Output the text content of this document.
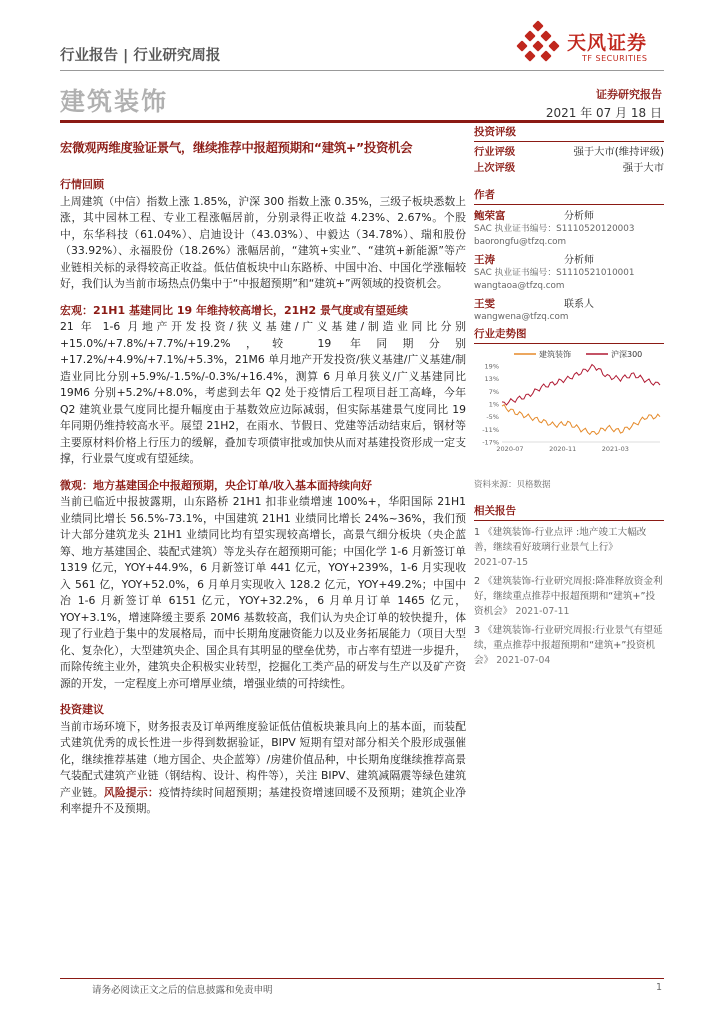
行业报告 | 行业研究周报
天风证券
TF SECURITIES
建筑装饰	证券研究报告
2021 年 07 月 18 日
宏微观两维度验证景气，继续推荐中报超预期和“建筑+”投资机会
行情回顾
上周建筑（中信）指数上涨 1.85%，沪深 300 指数上涨 0.35%，三级子板块悉数上涨，其中园林工程、专业工程涨幅居前，分别录得正收益 4.23%、2.67%。个股中，东华科技（61.04%）、启迪设计（43.03%）、中毅达（34.78%）、瑞和股份（33.92%）、永福股份（18.26%）涨幅居前，“建筑+实业”、“建筑+新能源”等产业链相关标的录得较高正收益。低估值板块中山东路桥、中国中冶、中国化学涨幅较好，我们认为当前市场热点仍集中于“中报超预期”和“建筑+”两领域的投资机会。
宏观：21H1 基建同比 19 年维持较高增长，21H2 景气度或有望延续
21 年 1-6 月地产开发投资/狭义基建/广义基建/制造业同比分别+15.0%/+7.8%/+7.7%/+19.2%，较 19 年同期分别+17.2%/+4.9%/+7.1%/+5.3%，21M6 单月地产开发投资/狭义基建/广义基建/制造业同比分别+5.9%/-1.5%/-0.3%/+16.4%，测算 6 月单月狭义/广义基建同比 19M6 分别+5.2%/+8.0%，考虑到去年 Q2 处于疫情后工程项目赶工高峰，今年 Q2 建筑业景气度同比提升幅度由于基数效应边际减弱，但实际基建景气度同比 19 年同期仍维持较高水平。展望 21H2，在雨水、节假日、党建等活动结束后，钢材等主要原材料价格上行压力的缓解，叠加专项债审批或加快从而对基建投资形成一定支撑，行业景气度或有望延续。
微观：地方基建国企中报超预期，央企订单/收入基本面持续向好
当前已临近中报披露期，山东路桥 21H1 扣非业绩增速 100%+，华阳国际 21H1 业绩同比增长 56.5%-73.1%，中国建筑 21H1 业绩同比增长 24%~36%，我们预计大部分建筑龙头 21H1 业绩同比均有望实现较高增长，高景气细分板块（央企蓝筹、地方基建国企、装配式建筑）等龙头存在超预期可能；中国化学 1-6 月新签订单 1319 亿元，YOY+44.9%，6 月新签订单 441 亿元，YOY+239%，1-6 月实现收入 561 亿，YOY+52.0%，6 月单月实现收入 128.2 亿元，YOY+49.2%；中国中冶 1-6 月新签订单 6151 亿元，YOY+32.2%，6 月单月订单 1465 亿元，YOY+3.1%，增速降缓主要系 20M6 基数较高，我们认为央企订单的较快提升，体现了行业趋于集中的发展格局，而中长期角度融资能力以及业务拓展能力（项目大型化、复杂化），大型建筑央企、国企具有其明显的壁垒优势，市占率有望进一步提升，而除传统主业外，建筑央企积极实业转型，挖掘化工类产品的研发与生产以及矿产资源的开发，一定程度上亦可增厚业绩，增强业绩的可持续性。
投资建议
当前市场环境下，财务报表及订单两维度验证低估值板块兼具向上的基本面，而装配式建筑优秀的成长性进一步得到数据验证，BIPV 短期有望对部分相关个股形成强催化，继续推荐基建（地方国企、央企蓝筹）/房建价值品种，中长期角度继续推荐高景气装配式建筑产业链（钢结构、设计、构件等），关注 BIPV、建筑减隔震等绿色建筑产业链。风险提示：疫情持续时间超预期；基建投资增速回暖不及预期；建筑企业净利率提升不及预期。
投资评级
行业评级	强于大市(维持评级)
上次评级	强于大市
作者
鲍荣富	分析师
SAC 执业证书编号：S1110520120003
baorongfu@tfzq.com
王涛	分析师
SAC 执业证书编号：S1110521010001
wangtaoa@tfzq.com
王雯	联系人
wangwena@tfzq.com
行业走势图
建筑装饰	沪深300
19%
13%
7%
1%
-5%
-11%
-17%
2020-07	2020-11	2021-03
资料来源：贝格数据
相关报告
1 《建筑装饰-行业点评 :地产竣工大幅改善，继续看好玻璃行业景气上行》
2021-07-15
2 《建筑装饰-行业研究周报:降准释放资金利好，继续重点推荐中报超预期和“建筑+”投资机会》 2021-07-11
3 《建筑装饰-行业研究周报:行业景气有望延续，重点推荐中报超预期和“建筑+”投资机会》 2021-07-04
请务必阅读正文之后的信息披露和免责申明	1
